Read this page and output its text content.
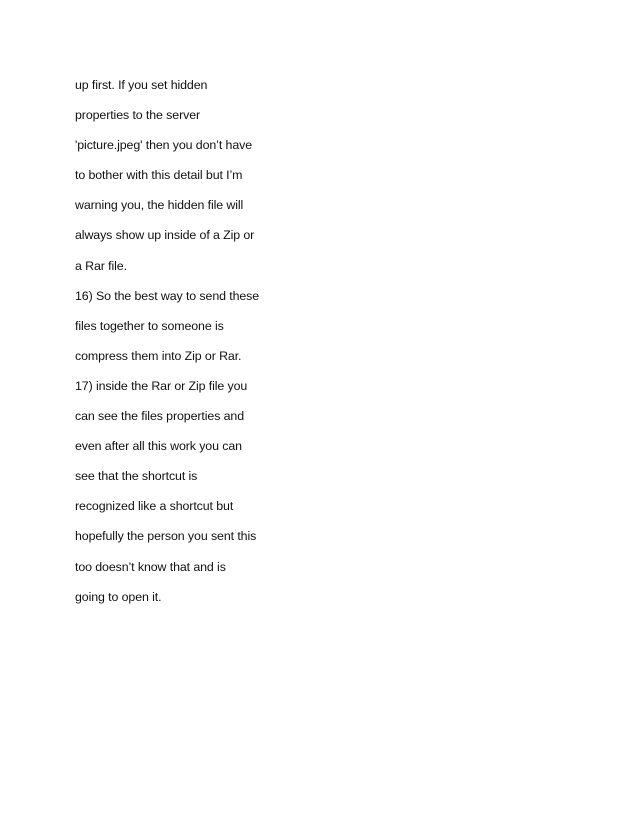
up first. If you set hidden
properties to the server
'picture.jpeg' then you don’t have
to bother with this detail but I’m
warning you, the hidden file will
always show up inside of a Zip or
a Rar file.
16) So the best way to send these
files together to someone is
compress them into Zip or Rar.
17) inside the Rar or Zip file you
can see the files properties and
even after all this work you can
see that the shortcut is
recognized like a shortcut but
hopefully the person you sent this
too doesn’t know that and is
going to open it.
